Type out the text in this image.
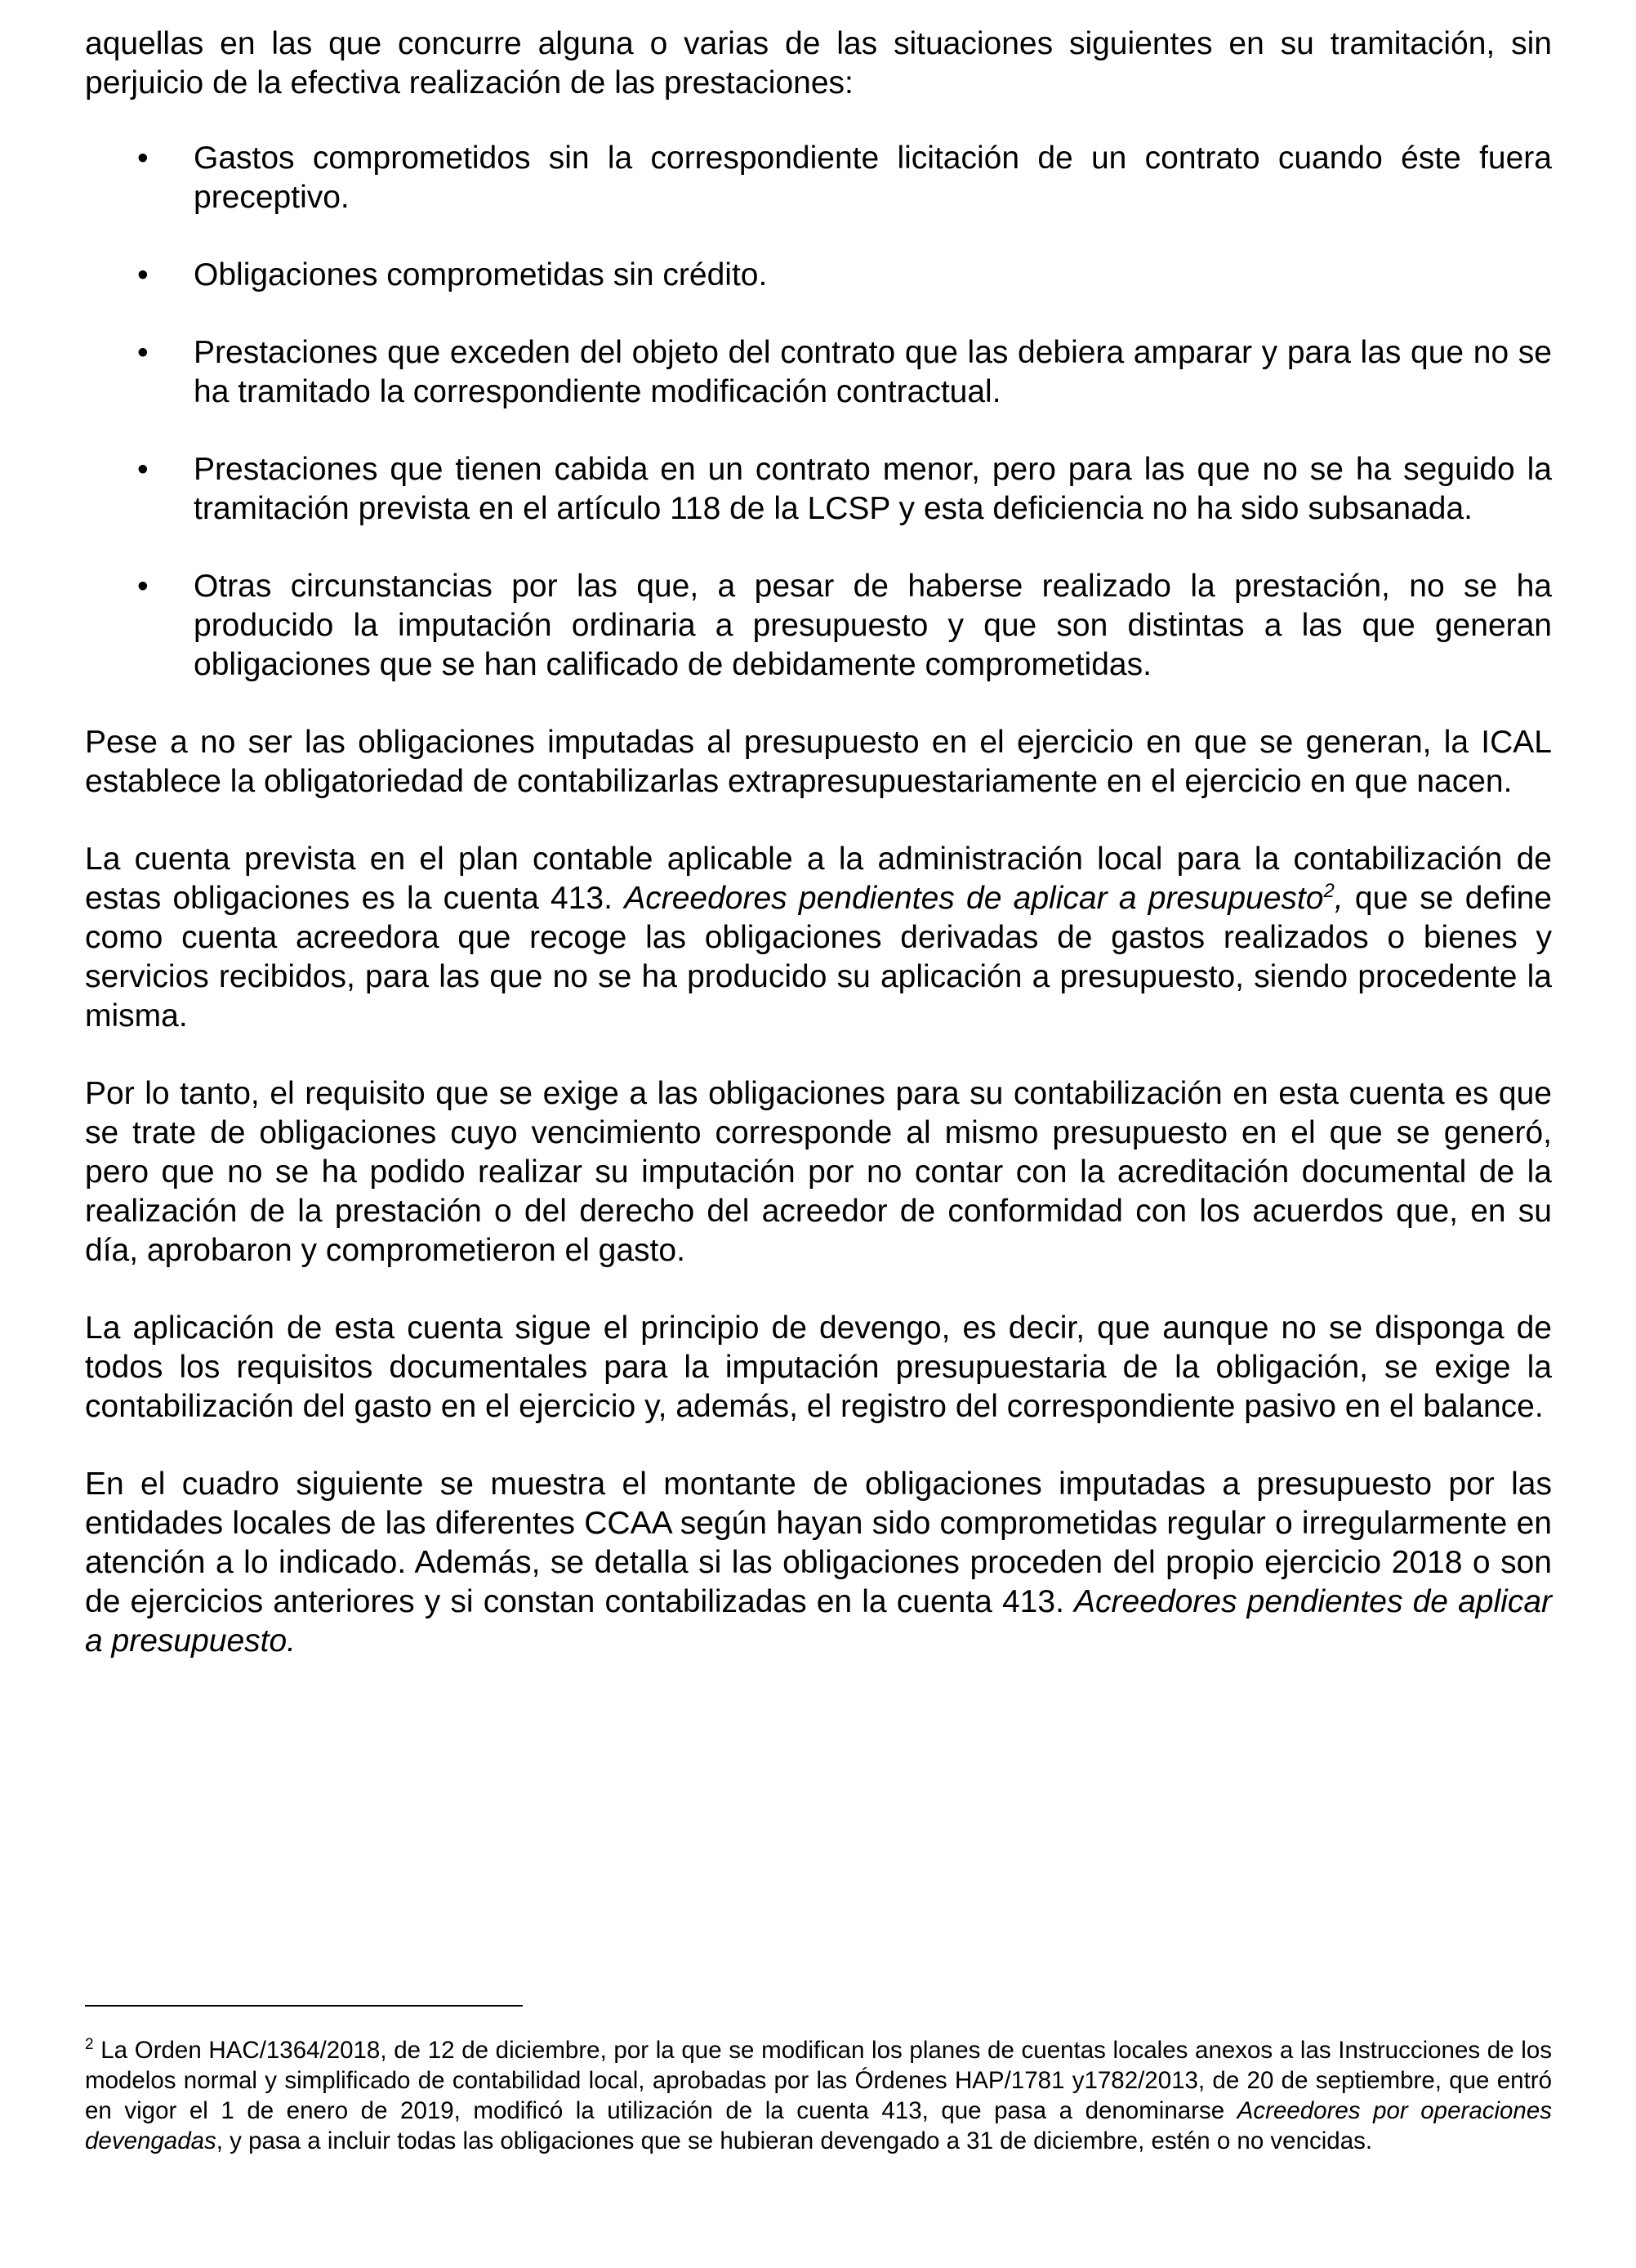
aquellas en las que concurre alguna o varias de las situaciones siguientes en su tramitación, sin perjuicio de la efectiva realización de las prestaciones:

•	Gastos comprometidos sin la correspondiente licitación de un contrato cuando éste fuera preceptivo.
•	Obligaciones comprometidas sin crédito.
•	Prestaciones que exceden del objeto del contrato que las debiera amparar y para las que no se ha tramitado la correspondiente modificación contractual.
•	Prestaciones que tienen cabida en un contrato menor, pero para las que no se ha seguido la tramitación prevista en el artículo 118 de la LCSP y esta deficiencia no ha sido subsanada.
•	Otras circunstancias por las que, a pesar de haberse realizado la prestación, no se ha producido la imputación ordinaria a presupuesto y que son distintas a las que generan obligaciones que se han calificado de debidamente comprometidas.

Pese a no ser las obligaciones imputadas al presupuesto en el ejercicio en que se generan, la ICAL establece la obligatoriedad de contabilizarlas extrapresupuestariamente en el ejercicio en que nacen.

La cuenta prevista en el plan contable aplicable a la administración local para la contabilización de estas obligaciones es la cuenta 413. Acreedores pendientes de aplicar a presupuesto$^2$, que se define como cuenta acreedora que recoge las obligaciones derivadas de gastos realizados o bienes y servicios recibidos, para las que no se ha producido su aplicación a presupuesto, siendo procedente la misma.

Por lo tanto, el requisito que se exige a las obligaciones para su contabilización en esta cuenta es que se trate de obligaciones cuyo vencimiento corresponde al mismo presupuesto en el que se generó, pero que no se ha podido realizar su imputación por no contar con la acreditación documental de la realización de la prestación o del derecho del acreedor de conformidad con los acuerdos que, en su día, aprobaron y comprometieron el gasto.

La aplicación de esta cuenta sigue el principio de devengo, es decir, que aunque no se disponga de todos los requisitos documentales para la imputación presupuestaria de la obligación, se exige la contabilización del gasto en el ejercicio y, además, el registro del correspondiente pasivo en el balance.

En el cuadro siguiente se muestra el montante de obligaciones imputadas a presupuesto por las entidades locales de las diferentes CCAA según hayan sido comprometidas regular o irregularmente en atención a lo indicado. Además, se detalla si las obligaciones proceden del propio ejercicio 2018 o son de ejercicios anteriores y si constan contabilizadas en la cuenta 413. Acreedores pendientes de aplicar a presupuesto.

$^2$ La Orden HAC/1364/2018, de 12 de diciembre, por la que se modifican los planes de cuentas locales anexos a las Instrucciones de los modelos normal y simplificado de contabilidad local, aprobadas por las Órdenes HAP/1781 y1782/2013, de 20 de septiembre, que entró en vigor el 1 de enero de 2019, modificó la utilización de la cuenta 413, que pasa a denominarse Acreedores por operaciones devengadas, y pasa a incluir todas las obligaciones que se hubieran devengado a 31 de diciembre, estén o no vencidas.
